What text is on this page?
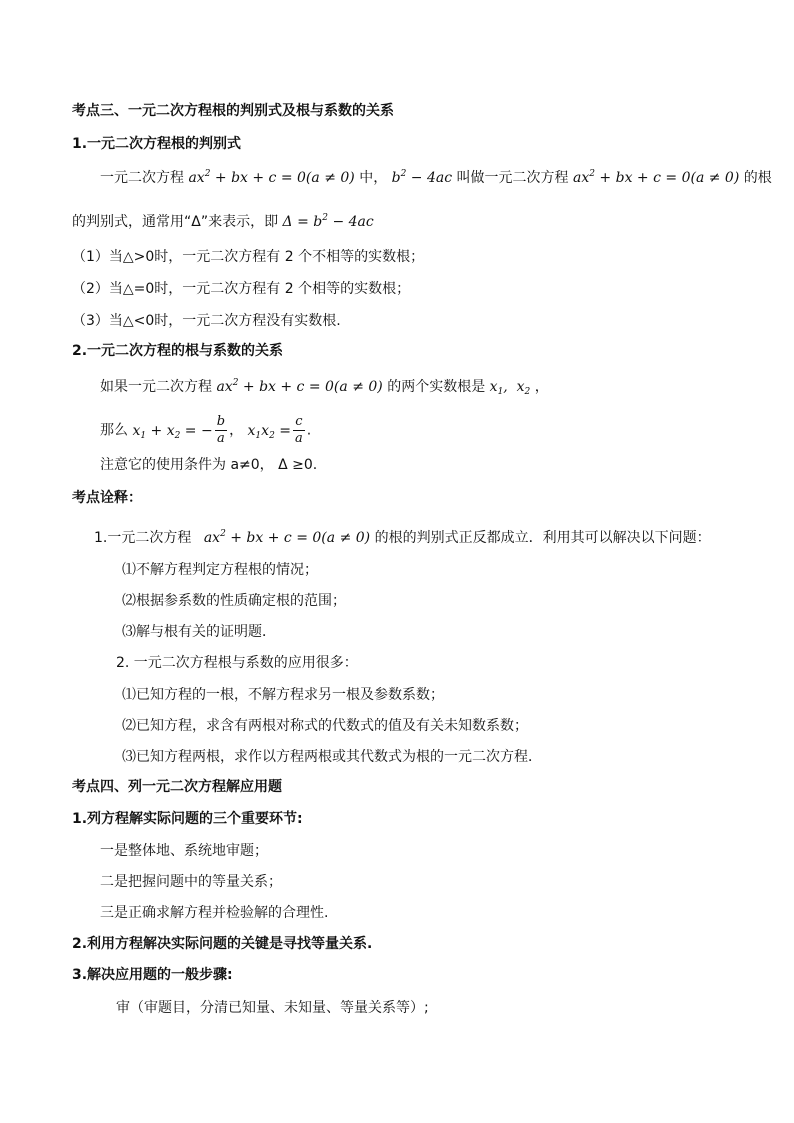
考点三、一元二次方程根的判别式及根与系数的关系
1.一元二次方程根的判别式
一元二次方程 $ax^2$ + bx + c = 0(a ≠ 0) 中， $b^2 - 4ac$ 叫做一元二次方程 $ax^2$ + bx + c = 0(a ≠ 0) 的根
的判别式，通常用“Δ”来表示，即 $\Delta = b^2 - 4ac$
（1）当△>0时，一元二次方程有 2 个不相等的实数根；
（2）当△=0时，一元二次方程有 2 个相等的实数根；
（3）当△<0时，一元二次方程没有实数根.
2.一元二次方程的根与系数的关系
如果一元二次方程 $ax^2$ + bx + c = 0(a ≠ 0) 的两个实数根是 $x_1$,  $x_2$ ，
那么 $x_1 + x_2$ = − $\frac{b}{a}$ ， $x_1x_2 = \frac{c}{a}$ .
注意它的使用条件为 a≠0， Δ ≥0.
考点诠释：
1.一元二次方程 $ax^2$ + bx + c = 0(a ≠ 0) 的根的判别式正反都成立．利用其可以解决以下问题：
⑴不解方程判定方程根的情况；
⑵根据参系数的性质确定根的范围；
⑶解与根有关的证明题．
2. 一元二次方程根与系数的应用很多：
⑴已知方程的一根，不解方程求另一根及参数系数；
⑵已知方程，求含有两根对称式的代数式的值及有关未知数系数；
⑶已知方程两根，求作以方程两根或其代数式为根的一元二次方程．
考点四、列一元二次方程解应用题
1.列方程解实际问题的三个重要环节:
一是整体地、系统地审题；
二是把握问题中的等量关系；
三是正确求解方程并检验解的合理性.
2.利用方程解决实际问题的关键是寻找等量关系.
3.解决应用题的一般步骤:
审（审题目，分清已知量、未知量、等量关系等）;
